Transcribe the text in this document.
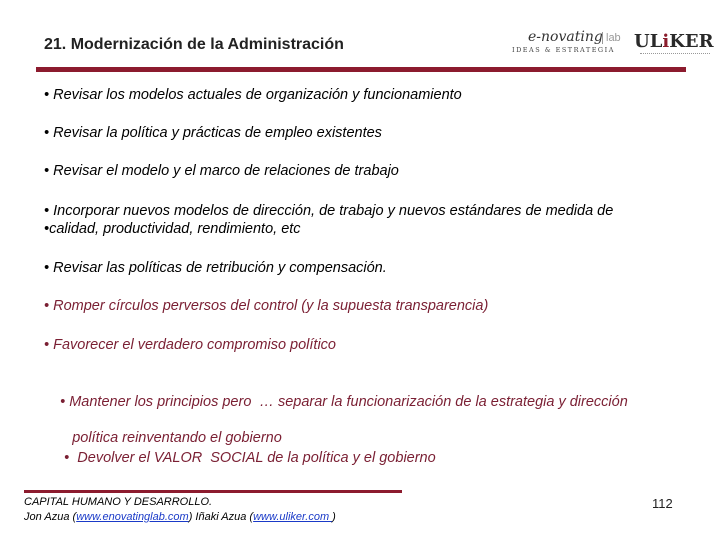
21. Modernización de la Administración	e-novating lab
IDEAS & ESTRATEGIA ULiKER
• Revisar los modelos actuales de organización y funcionamiento
• Revisar la política y prácticas de empleo existentes
• Revisar el modelo y el marco de relaciones de trabajo
• Incorporar nuevos modelos de dirección, de trabajo y nuevos estándares de medida de
•calidad, productividad, rendimiento, etc
• Revisar las políticas de retribución y compensación.
• Romper círculos perversos del control (y la supuesta transparencia)
• Favorecer el verdadero compromiso político

• Mantener los principios pero  … separar la funcionarización de la estrategia y dirección

política reinventando el gobierno

•  Devolver el VALOR  SOCIAL de la política y el gobierno

CAPITAL HUMANO Y DESARROLLO.
Jon Azua (www.enovatinglab.com) Iñaki Azua (www.uliker.com )
112
